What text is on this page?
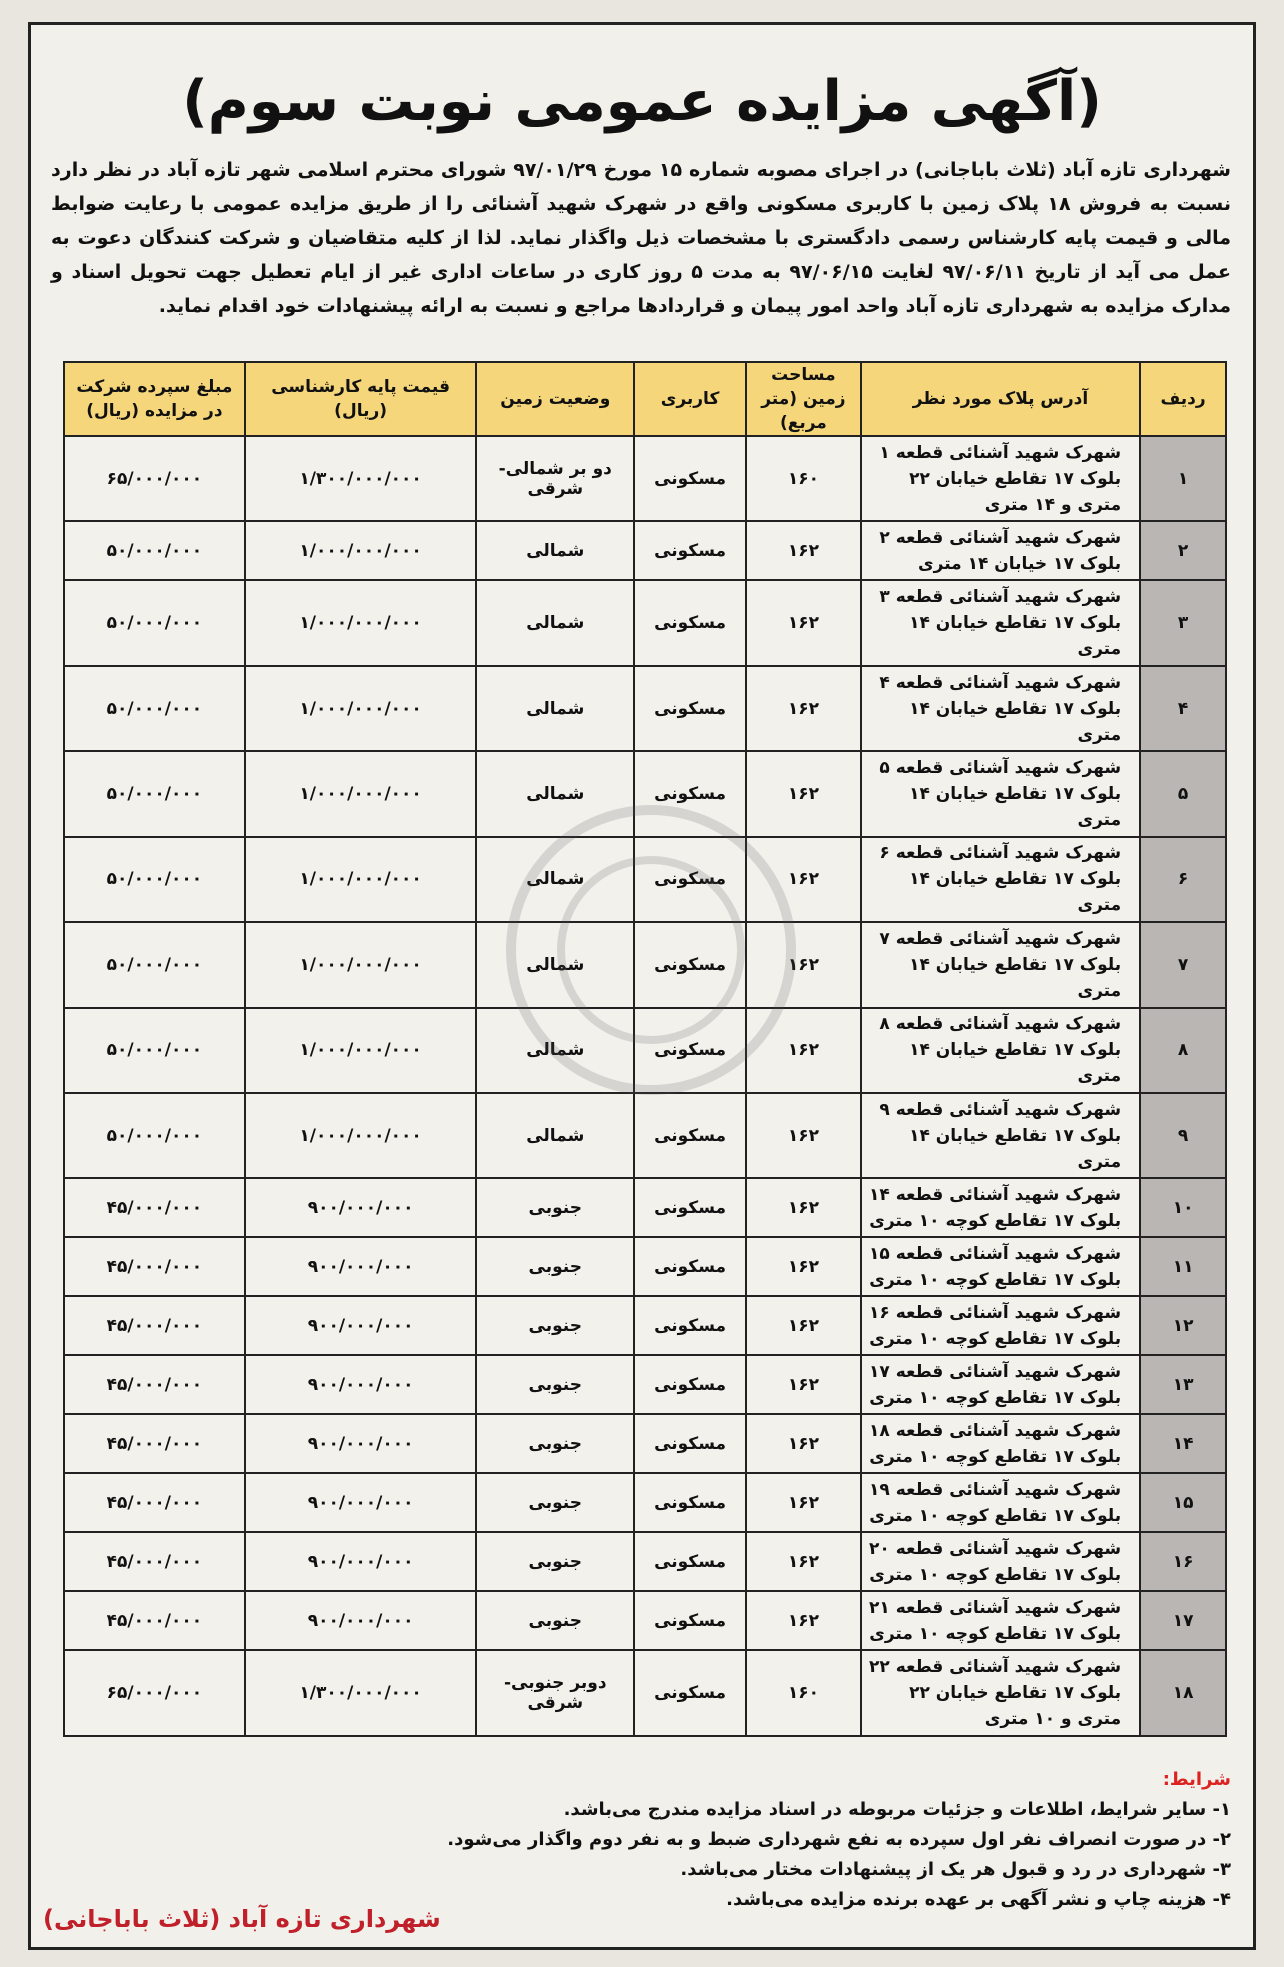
(آگهی مزایده عمومی نوبت سوم)

شهرداری تازه آباد (ثلاث باباجانی) در اجرای مصوبه شماره ۱۵ مورخ ۹۷/۰۱/۲۹ شورای محترم اسلامی شهر تازه آباد در نظر دارد نسبت به فروش ۱۸ پلاک زمین با کاربری مسکونی واقع در شهرک شهید آشنائی را از طریق مزایده عمومی با رعایت ضوابط مالی و قیمت پایه کارشناس رسمی دادگستری با مشخصات ذیل واگذار نماید. لذا از کلیه متقاضیان و شرکت کنندگان دعوت به عمل می آید از تاریخ ۹۷/۰۶/۱۱ لغایت ۹۷/۰۶/۱۵ به مدت ۵ روز کاری در ساعات اداری غیر از ایام تعطیل جهت تحویل اسناد و مدارک مزایده به شهرداری تازه آباد واحد امور پیمان و قراردادها مراجع و نسبت به ارائه پیشنهادات خود اقدام نماید.

ردیف	آدرس پلاک مورد نظر	مساحت زمین (متر مربع)	کاربری	وضعیت زمین	قیمت پایه کارشناسی (ریال)	مبلغ سپرده شرکت در مزایده (ریال)
۱	شهرک شهید آشنائی قطعه ۱ بلوک ۱۷ تقاطع خیابان ۲۲ متری و ۱۴ متری	۱۶۰	مسکونی	دو بر شمالی-شرقی	۱/۳۰۰/۰۰۰/۰۰۰	۶۵/۰۰۰/۰۰۰
۲	شهرک شهید آشنائی قطعه ۲ بلوک ۱۷ خیابان ۱۴ متری	۱۶۲	مسکونی	شمالی	۱/۰۰۰/۰۰۰/۰۰۰	۵۰/۰۰۰/۰۰۰
۳	شهرک شهید آشنائی قطعه ۳ بلوک ۱۷ تقاطع خیابان ۱۴ متری	۱۶۲	مسکونی	شمالی	۱/۰۰۰/۰۰۰/۰۰۰	۵۰/۰۰۰/۰۰۰
۴	شهرک شهید آشنائی قطعه ۴ بلوک ۱۷ تقاطع خیابان ۱۴ متری	۱۶۲	مسکونی	شمالی	۱/۰۰۰/۰۰۰/۰۰۰	۵۰/۰۰۰/۰۰۰
۵	شهرک شهید آشنائی قطعه ۵ بلوک ۱۷ تقاطع خیابان ۱۴ متری	۱۶۲	مسکونی	شمالی	۱/۰۰۰/۰۰۰/۰۰۰	۵۰/۰۰۰/۰۰۰
۶	شهرک شهید آشنائی قطعه ۶ بلوک ۱۷ تقاطع خیابان ۱۴ متری	۱۶۲	مسکونی	شمالی	۱/۰۰۰/۰۰۰/۰۰۰	۵۰/۰۰۰/۰۰۰
۷	شهرک شهید آشنائی قطعه ۷ بلوک ۱۷ تقاطع خیابان ۱۴ متری	۱۶۲	مسکونی	شمالی	۱/۰۰۰/۰۰۰/۰۰۰	۵۰/۰۰۰/۰۰۰
۸	شهرک شهید آشنائی قطعه ۸ بلوک ۱۷ تقاطع خیابان ۱۴ متری	۱۶۲	مسکونی	شمالی	۱/۰۰۰/۰۰۰/۰۰۰	۵۰/۰۰۰/۰۰۰
۹	شهرک شهید آشنائی قطعه ۹ بلوک ۱۷ تقاطع خیابان ۱۴ متری	۱۶۲	مسکونی	شمالی	۱/۰۰۰/۰۰۰/۰۰۰	۵۰/۰۰۰/۰۰۰
۱۰	شهرک شهید آشنائی قطعه ۱۴ بلوک ۱۷ تقاطع کوچه ۱۰ متری	۱۶۲	مسکونی	جنوبی	۹۰۰/۰۰۰/۰۰۰	۴۵/۰۰۰/۰۰۰
۱۱	شهرک شهید آشنائی قطعه ۱۵ بلوک ۱۷ تقاطع کوچه ۱۰ متری	۱۶۲	مسکونی	جنوبی	۹۰۰/۰۰۰/۰۰۰	۴۵/۰۰۰/۰۰۰
۱۲	شهرک شهید آشنائی قطعه ۱۶ بلوک ۱۷ تقاطع کوچه ۱۰ متری	۱۶۲	مسکونی	جنوبی	۹۰۰/۰۰۰/۰۰۰	۴۵/۰۰۰/۰۰۰
۱۳	شهرک شهید آشنائی قطعه ۱۷ بلوک ۱۷ تقاطع کوچه ۱۰ متری	۱۶۲	مسکونی	جنوبی	۹۰۰/۰۰۰/۰۰۰	۴۵/۰۰۰/۰۰۰
۱۴	شهرک شهید آشنائی قطعه ۱۸ بلوک ۱۷ تقاطع کوچه ۱۰ متری	۱۶۲	مسکونی	جنوبی	۹۰۰/۰۰۰/۰۰۰	۴۵/۰۰۰/۰۰۰
۱۵	شهرک شهید آشنائی قطعه ۱۹ بلوک ۱۷ تقاطع کوچه ۱۰ متری	۱۶۲	مسکونی	جنوبی	۹۰۰/۰۰۰/۰۰۰	۴۵/۰۰۰/۰۰۰
۱۶	شهرک شهید آشنائی قطعه ۲۰ بلوک ۱۷ تقاطع کوچه ۱۰ متری	۱۶۲	مسکونی	جنوبی	۹۰۰/۰۰۰/۰۰۰	۴۵/۰۰۰/۰۰۰
۱۷	شهرک شهید آشنائی قطعه ۲۱ بلوک ۱۷ تقاطع کوچه ۱۰ متری	۱۶۲	مسکونی	جنوبی	۹۰۰/۰۰۰/۰۰۰	۴۵/۰۰۰/۰۰۰
۱۸	شهرک شهید آشنائی قطعه ۲۲ بلوک ۱۷ تقاطع خیابان ۲۲ متری و ۱۰ متری	۱۶۰	مسکونی	دوبر جنوبی-شرقی	۱/۳۰۰/۰۰۰/۰۰۰	۶۵/۰۰۰/۰۰۰
شرایط:
۱- سایر شرایط، اطلاعات و جزئیات مربوطه در اسناد مزایده مندرج می‌باشد.
۲- در صورت انصراف نفر اول سپرده به نفع شهرداری ضبط و به نفر دوم واگذار می‌شود.
۳- شهرداری در رد و قبول هر یک از پیشنهادات مختار می‌باشد.
۴- هزینه چاپ و نشر آگهی بر عهده برنده مزایده می‌باشد.
شهرداری تازه آباد (ثلاث باباجانی)
